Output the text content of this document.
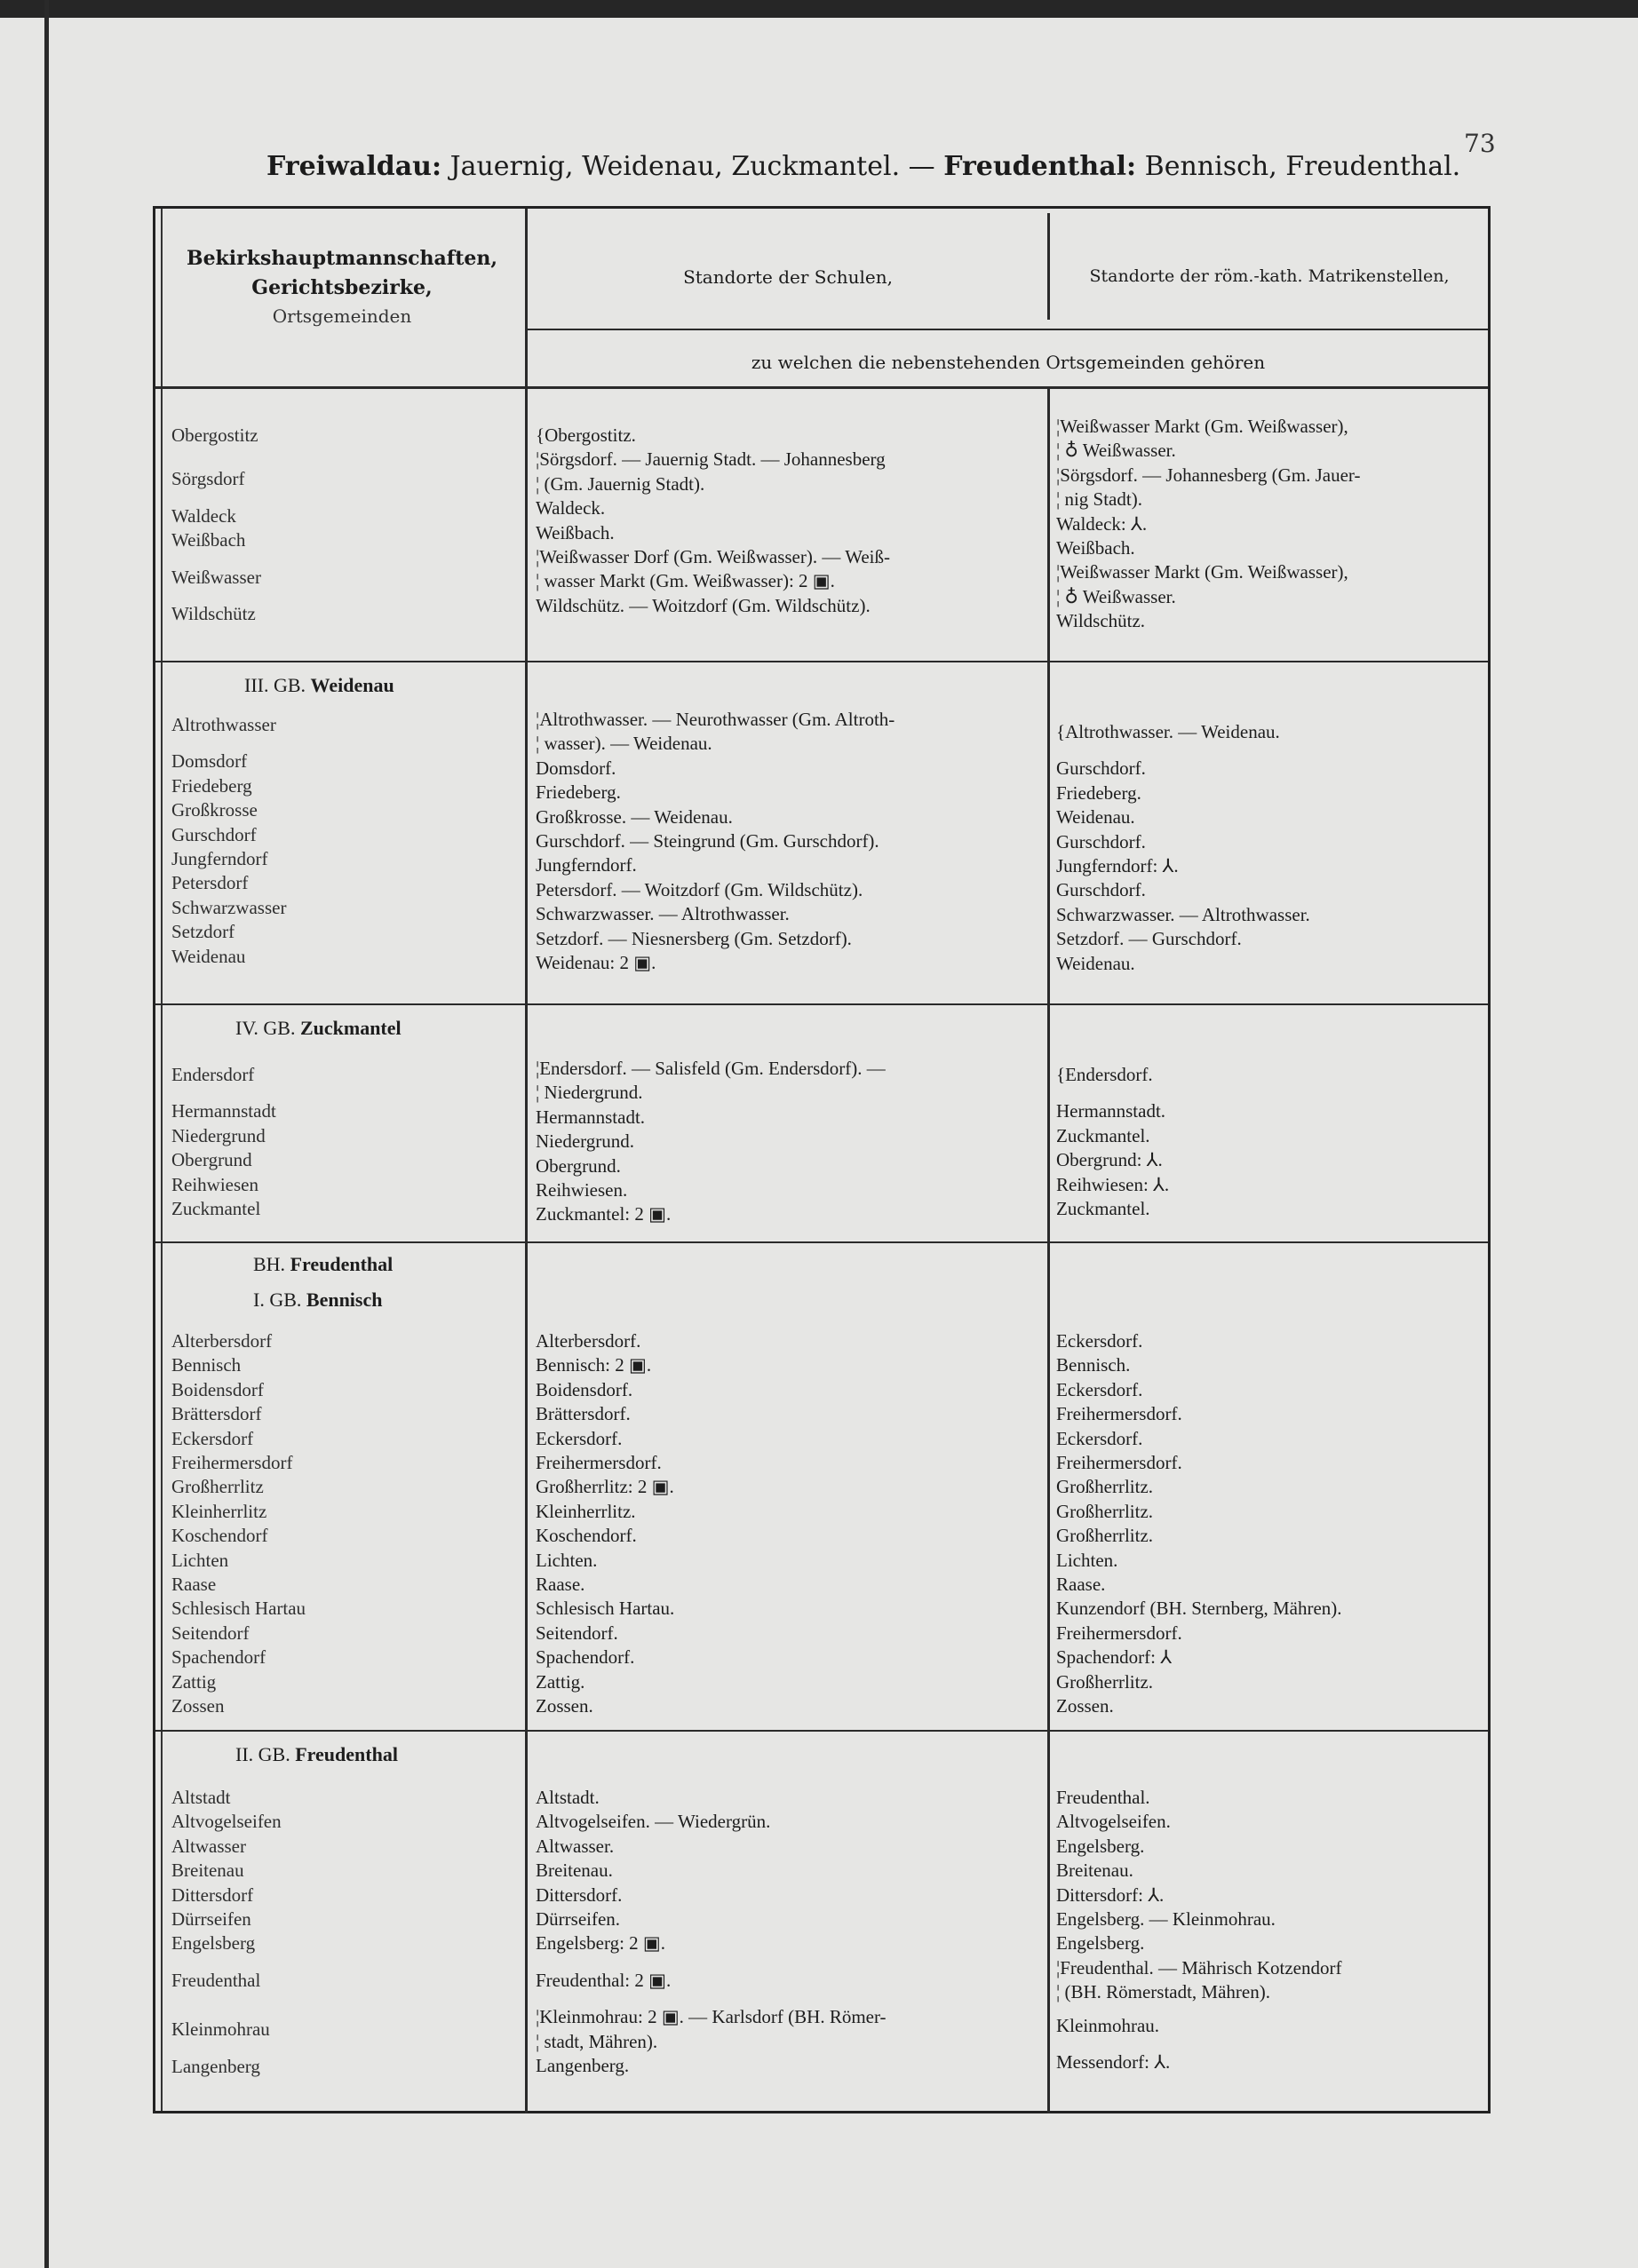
73
Freiwaldau: Jauernig, Weidenau, Zuckmantel. — Freudenthal: Bennisch, Freudenthal.
Bekirkshauptmannschaften,
Gerichtsbezirke,
Ortsgemeinden
Standorte der Schulen,	Standorte der röm.-kath. Matrikenstellen,
zu welchen die nebenstehenden Ortsgemeinden gehören
Obergostitz
Sörgsdorf
Waldeck
Weißbach
Weißwasser
Wildschütz
{Obergostitz.
¦Sörgsdorf. — Jauernig Stadt. — Johannesberg
¦ (Gm. Jauernig Stadt).
Waldeck.
Weißbach.
¦Weißwasser Dorf (Gm. Weißwasser). — Weiß-
¦ wasser Markt (Gm. Weißwasser): 2 ▣.
Wildschütz. — Woitzdorf (Gm. Wildschütz).
¦Weißwasser Markt (Gm. Weißwasser),
¦ ♁ Weißwasser.
¦Sörgsdorf. — Johannesberg (Gm. Jauer-
¦ nig Stadt).
Waldeck: ⅄.
Weißbach.
¦Weißwasser Markt (Gm. Weißwasser),
¦ ♁ Weißwasser.
Wildschütz.
III. GB. Weidenau
Altrothwasser
Domsdorf
Friedeberg
Großkrosse
Gurschdorf
Jungferndorf
Petersdorf
Schwarzwasser
Setzdorf
Weidenau
¦Altrothwasser. — Neurothwasser (Gm. Altroth-
¦ wasser). — Weidenau.
Domsdorf.
Friedeberg.
Großkrosse. — Weidenau.
Gurschdorf. — Steingrund (Gm. Gurschdorf).
Jungferndorf.
Petersdorf. — Woitzdorf (Gm. Wildschütz).
Schwarzwasser. — Altrothwasser.
Setzdorf. — Niesnersberg (Gm. Setzdorf).
Weidenau: 2 ▣.
{Altrothwasser. — Weidenau.
Gurschdorf.
Friedeberg.
Weidenau.
Gurschdorf.
Jungferndorf: ⅄.
Gurschdorf.
Schwarzwasser. — Altrothwasser.
Setzdorf. — Gurschdorf.
Weidenau.
IV. GB. Zuckmantel
Endersdorf
Hermannstadt
Niedergrund
Obergrund
Reihwiesen
Zuckmantel
¦Endersdorf. — Salisfeld (Gm. Endersdorf). —
¦ Niedergrund.
Hermannstadt.
Niedergrund.
Obergrund.
Reihwiesen.
Zuckmantel: 2 ▣.
{Endersdorf.
Hermannstadt.
Zuckmantel.
Obergrund: ⅄.
Reihwiesen: ⅄.
Zuckmantel.
BH. Freudenthal
I. GB. Bennisch
Alterbersdorf
Bennisch
Boidensdorf
Brättersdorf
Eckersdorf
Freihermersdorf
Großherrlitz
Kleinherrlitz
Koschendorf
Lichten
Raase
Schlesisch Hartau
Seitendorf
Spachendorf
Zattig
Zossen
Alterbersdorf.
Bennisch: 2 ▣.
Boidensdorf.
Brättersdorf.
Eckersdorf.
Freihermersdorf.
Großherrlitz: 2 ▣.
Kleinherrlitz.
Koschendorf.
Lichten.
Raase.
Schlesisch Hartau.
Seitendorf.
Spachendorf.
Zattig.
Zossen.
Eckersdorf.
Bennisch.
Eckersdorf.
Freihermersdorf.
Eckersdorf.
Freihermersdorf.
Großherrlitz.
Großherrlitz.
Großherrlitz.
Lichten.
Raase.
Kunzendorf (BH. Sternberg, Mähren).
Freihermersdorf.
Spachendorf: ⅄
Großherrlitz.
Zossen.
II. GB. Freudenthal
Altstadt
Altvogelseifen
Altwasser
Breitenau
Dittersdorf
Dürrseifen
Engelsberg
Freudenthal
Kleinmohrau
Langenberg
Altstadt.
Altvogelseifen. — Wiedergrün.
Altwasser.
Breitenau.
Dittersdorf.
Dürrseifen.
Engelsberg: 2 ▣.
Freudenthal: 2 ▣.
¦Kleinmohrau: 2 ▣. — Karlsdorf (BH. Römer-
¦ stadt, Mähren).
Langenberg.
Freudenthal.
Altvogelseifen.
Engelsberg.
Breitenau.
Dittersdorf: ⅄.
Engelsberg. — Kleinmohrau.
Engelsberg.
¦Freudenthal. — Mährisch Kotzendorf
¦ (BH. Römerstadt, Mähren).
Kleinmohrau.
Messendorf: ⅄.
